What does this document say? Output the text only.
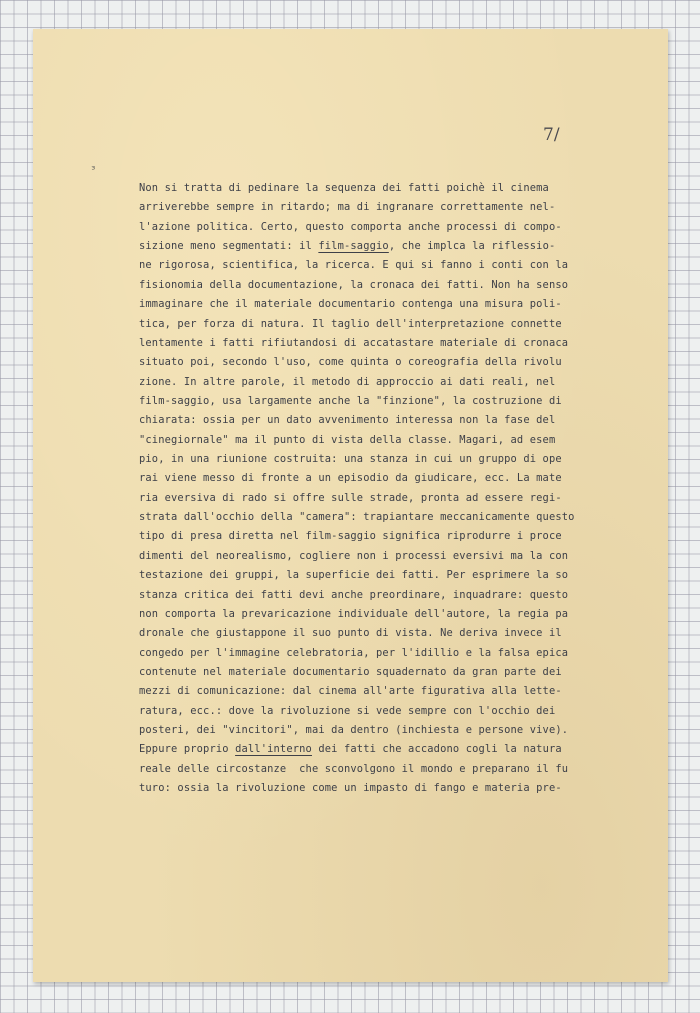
7/
ᵌ
Non si tratta di pedinare la sequenza dei fatti poichè il cinema
arriverebbe sempre in ritardo; ma di ingranare correttamente nel-
l'azione politica. Certo, questo comporta anche processi di compo-
sizione meno segmentati: il film-saggio, che implca la riflessio-
ne rigorosa, scientifica, la ricerca. E qui si fanno i conti con la
fisionomia della documentazione, la cronaca dei fatti. Non ha senso
immaginare che il materiale documentario contenga una misura poli-
tica, per forza di natura. Il taglio dell'interpretazione connette
lentamente i fatti rifiutandosi di accatastare materiale di cronaca
situato poi, secondo l'uso, come quinta o coreografia della rivolu
zione. In altre parole, il metodo di approccio ai dati reali, nel
film-saggio, usa largamente anche la "finzione", la costruzione di
chiarata: ossia per un dato avvenimento interessa non la fase del
"cinegiornale" ma il punto di vista della classe. Magari, ad esem
pio, in una riunione costruita: una stanza in cui un gruppo di ope
rai viene messo di fronte a un episodio da giudicare, ecc. La mate
ria eversiva di rado si offre sulle strade, pronta ad essere regi-
strata dall'occhio della "camera": trapiantare meccanicamente questo
tipo di presa diretta nel film-saggio significa riprodurre i proce
dimenti del neorealismo, cogliere non i processi eversivi ma la con
testazione dei gruppi, la superficie dei fatti. Per esprimere la so
stanza critica dei fatti devi anche preordinare, inquadrare: questo
non comporta la prevaricazione individuale dell'autore, la regia pa
dronale che giustappone il suo punto di vista. Ne deriva invece il
congedo per l'immagine celebratoria, per l'idillio e la falsa epica
contenute nel materiale documentario squadernato da gran parte dei
mezzi di comunicazione: dal cinema all'arte figurativa alla lette-
ratura, ecc.: dove la rivoluzione si vede sempre con l'occhio dei
posteri, dei "vincitori", mai da dentro (inchiesta e persone vive).
Eppure proprio dall'interno dei fatti che accadono cogli la natura
reale delle circostanze  che sconvolgono il mondo e preparano il fu
turo: ossia la rivoluzione come un impasto di fango e materia pre-
